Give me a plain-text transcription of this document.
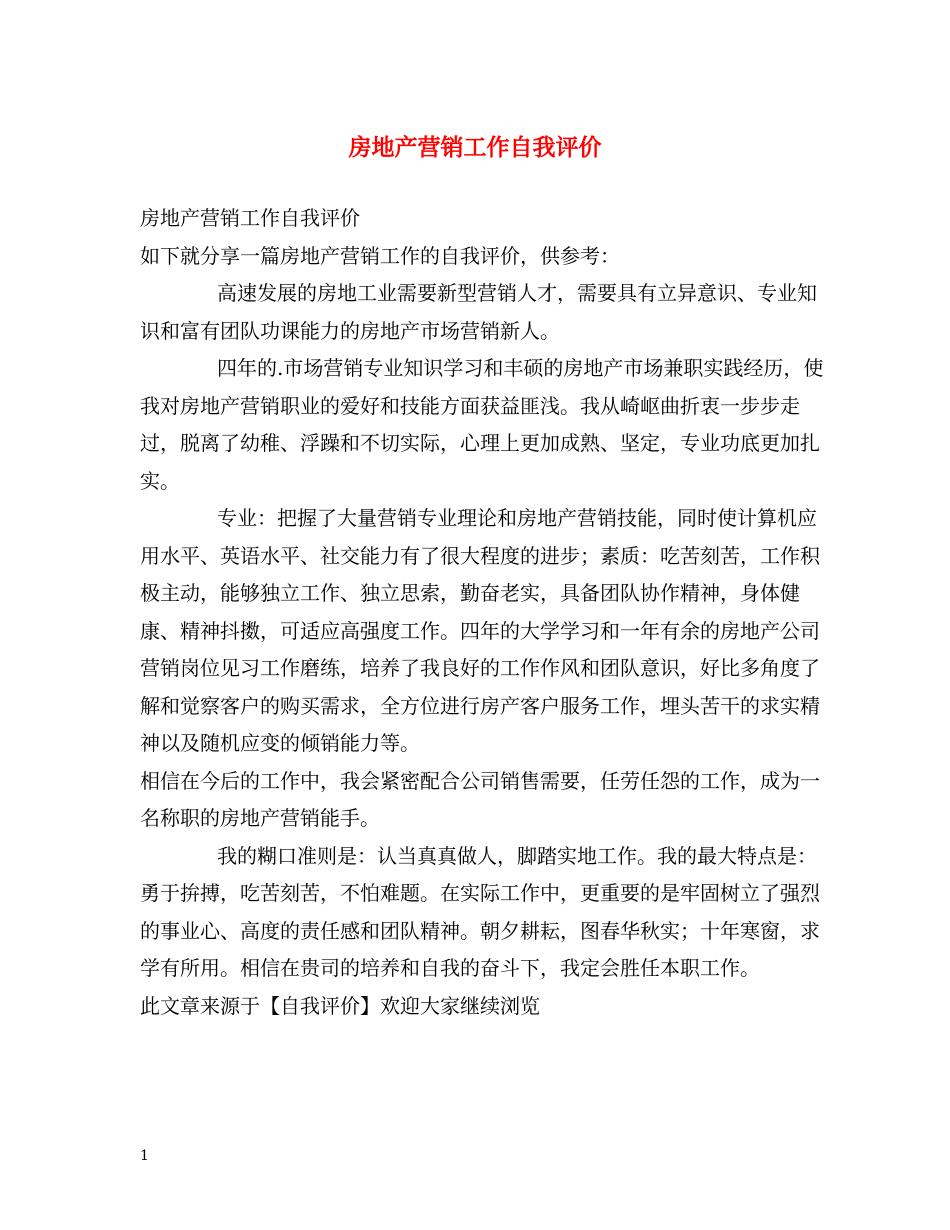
房地产营销工作自我评价

房地产营销工作自我评价

如下就分享一篇房地产营销工作的自我评价，供参考：

高速发展的房地工业需要新型营销人才，需要具有立异意识、专业知识和富有团队功课能力的房地产市场营销新人。

四年的.市场营销专业知识学习和丰硕的房地产市场兼职实践经历，使我对房地产营销职业的爱好和技能方面获益匪浅。我从崎岖曲折衷一步步走过，脱离了幼稚、浮躁和不切实际，心理上更加成熟、坚定，专业功底更加扎实。

专业：把握了大量营销专业理论和房地产营销技能，同时使计算机应用水平、英语水平、社交能力有了很大程度的进步；素质：吃苦刻苦，工作积极主动，能够独立工作、独立思索，勤奋老实，具备团队协作精神，身体健康、精神抖擞，可适应高强度工作。四年的大学学习和一年有余的房地产公司营销岗位见习工作磨练，培养了我良好的工作作风和团队意识，好比多角度了解和觉察客户的购买需求，全方位进行房产客户服务工作，埋头苦干的求实精神以及随机应变的倾销能力等。

相信在今后的工作中，我会紧密配合公司销售需要，任劳任怨的工作，成为一名称职的房地产营销能手。

我的糊口准则是：认当真真做人，脚踏实地工作。我的最大特点是：勇于拚搏，吃苦刻苦，不怕难题。在实际工作中，更重要的是牢固树立了强烈的事业心、高度的责任感和团队精神。朝夕耕耘，图春华秋实；十年寒窗，求学有所用。相信在贵司的培养和自我的奋斗下，我定会胜任本职工作。

此文章来源于【自我评价】欢迎大家继续浏览

1
